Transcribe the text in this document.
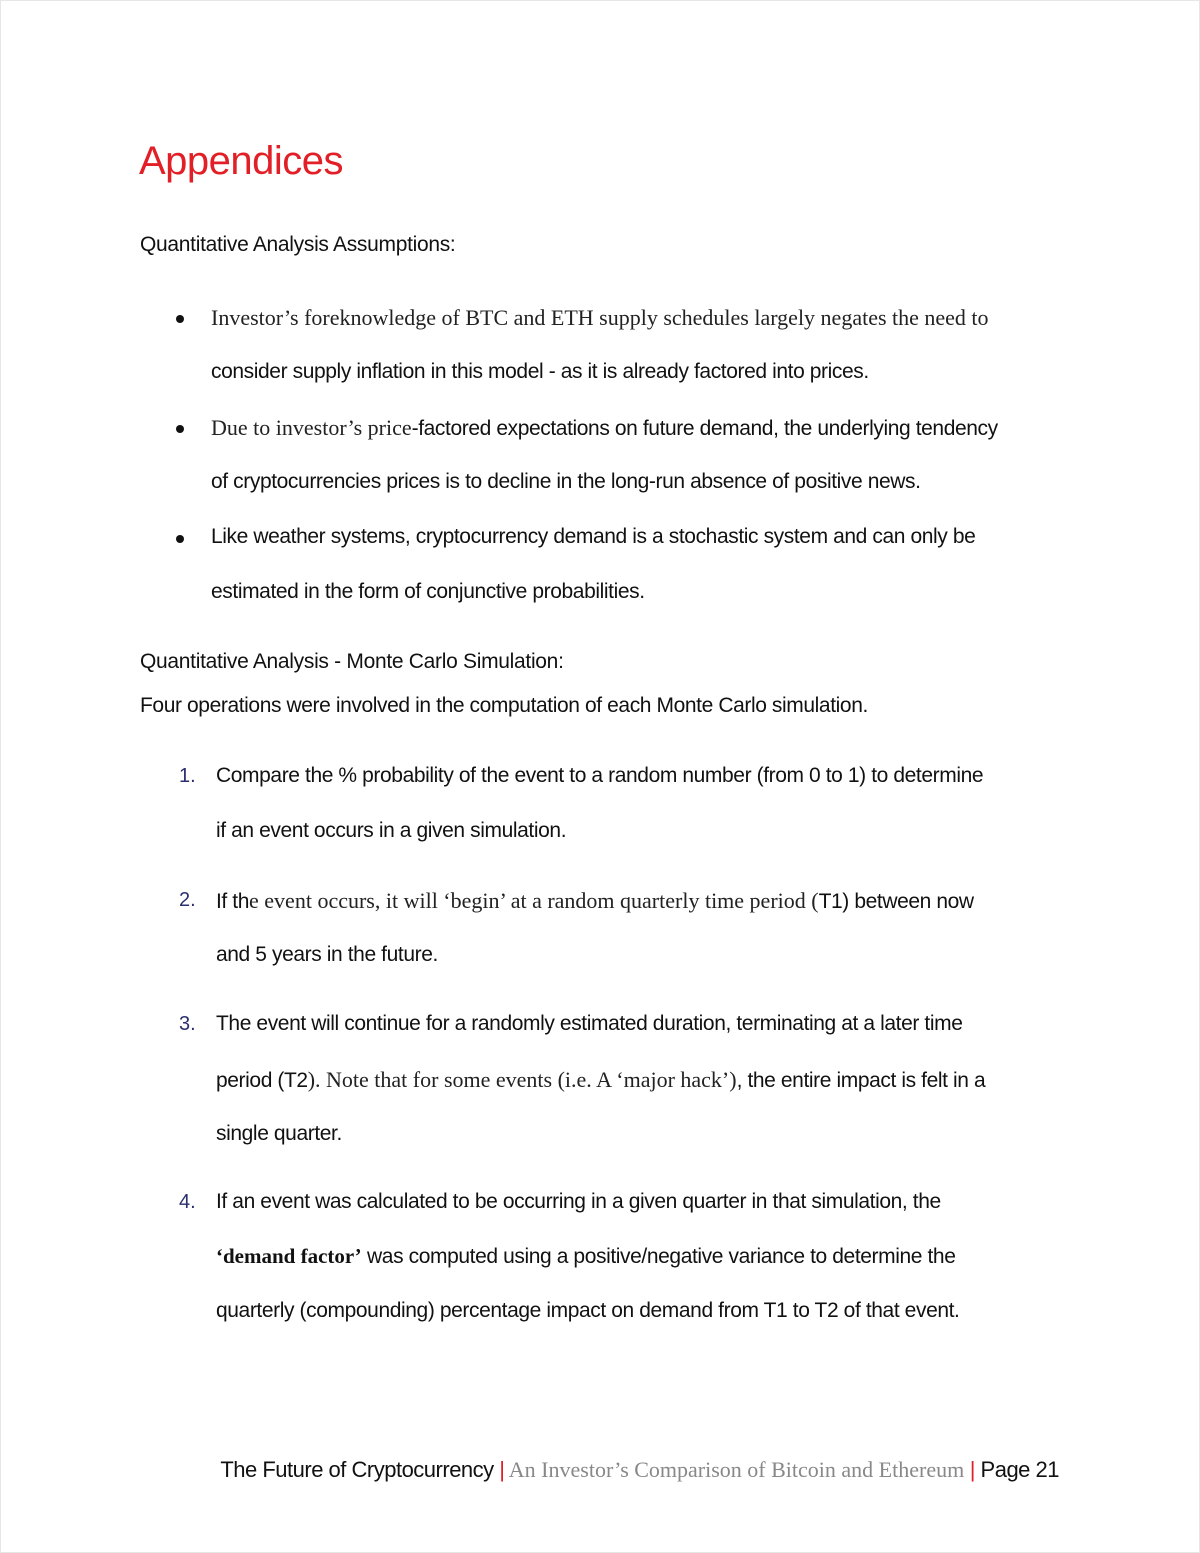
Appendices
Quantitative Analysis Assumptions:
Investor’s foreknowledge of BTC and ETH supply schedules largely negates the need to
consider supply inflation in this model - as it is already factored into prices.
Due to investor’s price-factored expectations on future demand, the underlying tendency
of cryptocurrencies prices is to decline in the long-run absence of positive news.
Like weather systems, cryptocurrency demand is a stochastic system and can only be
estimated in the form of conjunctive probabilities.
Quantitative Analysis - Monte Carlo Simulation:
Four operations were involved in the computation of each Monte Carlo simulation.
1. Compare the % probability of the event to a random number (from 0 to 1) to determine
if an event occurs in a given simulation.
2. If the event occurs, it will ‘begin’ at a random quarterly time period (T1) between now
and 5 years in the future.
3. The event will continue for a randomly estimated duration, terminating at a later time
period (T2). Note that for some events (i.e. A ‘major hack’), the entire impact is felt in a
single quarter.
4. If an event was calculated to be occurring in a given quarter in that simulation, the
‘demand factor’ was computed using a positive/negative variance to determine the
quarterly (compounding) percentage impact on demand from T1 to T2 of that event.
The Future of Cryptocurrency | An Investor’s Comparison of Bitcoin and Ethereum | Page 21
